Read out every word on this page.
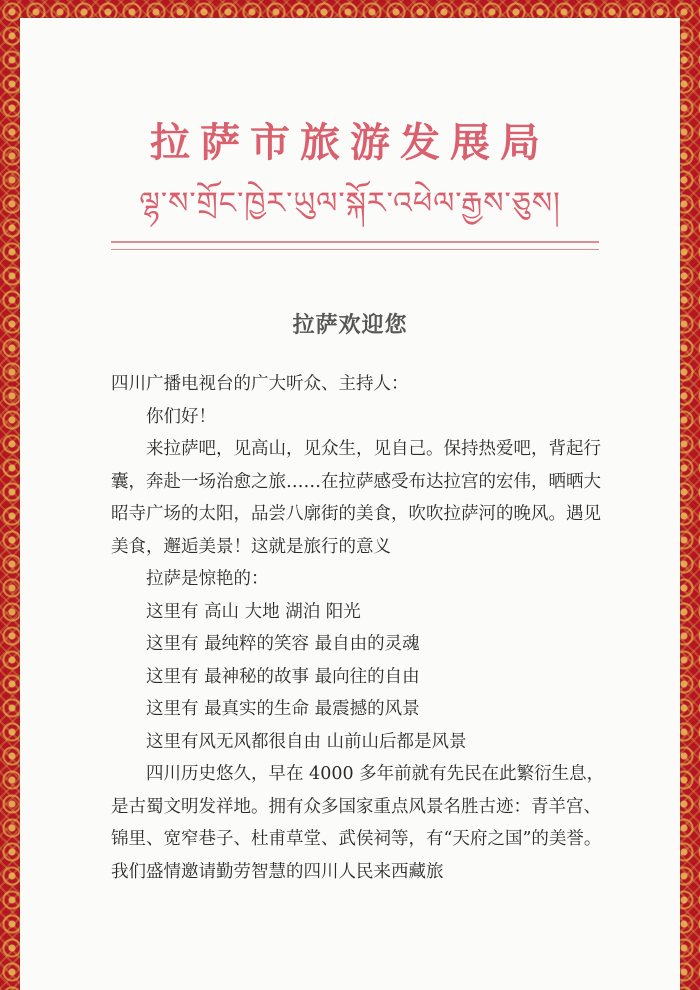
拉萨市旅游发展局
ལྷ་ས་གྲོང་ཁྱེར་ཡུལ་སྐོར་འཕེལ་རྒྱས་ཅུས།
拉萨欢迎您

四川广播电视台的广大听众、主持人：

你们好！

来拉萨吧，见高山，见众生，见自己。保持热爱吧，背起行囊，奔赴一场治愈之旅……在拉萨感受布达拉宫的宏伟，晒晒大昭寺广场的太阳，品尝八廓街的美食，吹吹拉萨河的晚风。遇见美食，邂逅美景！这就是旅行的意义

拉萨是惊艳的：

这里有 高山 大地 湖泊 阳光

这里有 最纯粹的笑容 最自由的灵魂

这里有 最神秘的故事 最向往的自由

这里有 最真实的生命 最震撼的风景

这里有风无风都很自由 山前山后都是风景

四川历史悠久，早在 4000 多年前就有先民在此繁衍生息，是古蜀文明发祥地。拥有众多国家重点风景名胜古迹：青羊宫、锦里、宽窄巷子、杜甫草堂、武侯祠等，有“天府之国”的美誉。我们盛情邀请勤劳智慧的四川人民来西藏旅
